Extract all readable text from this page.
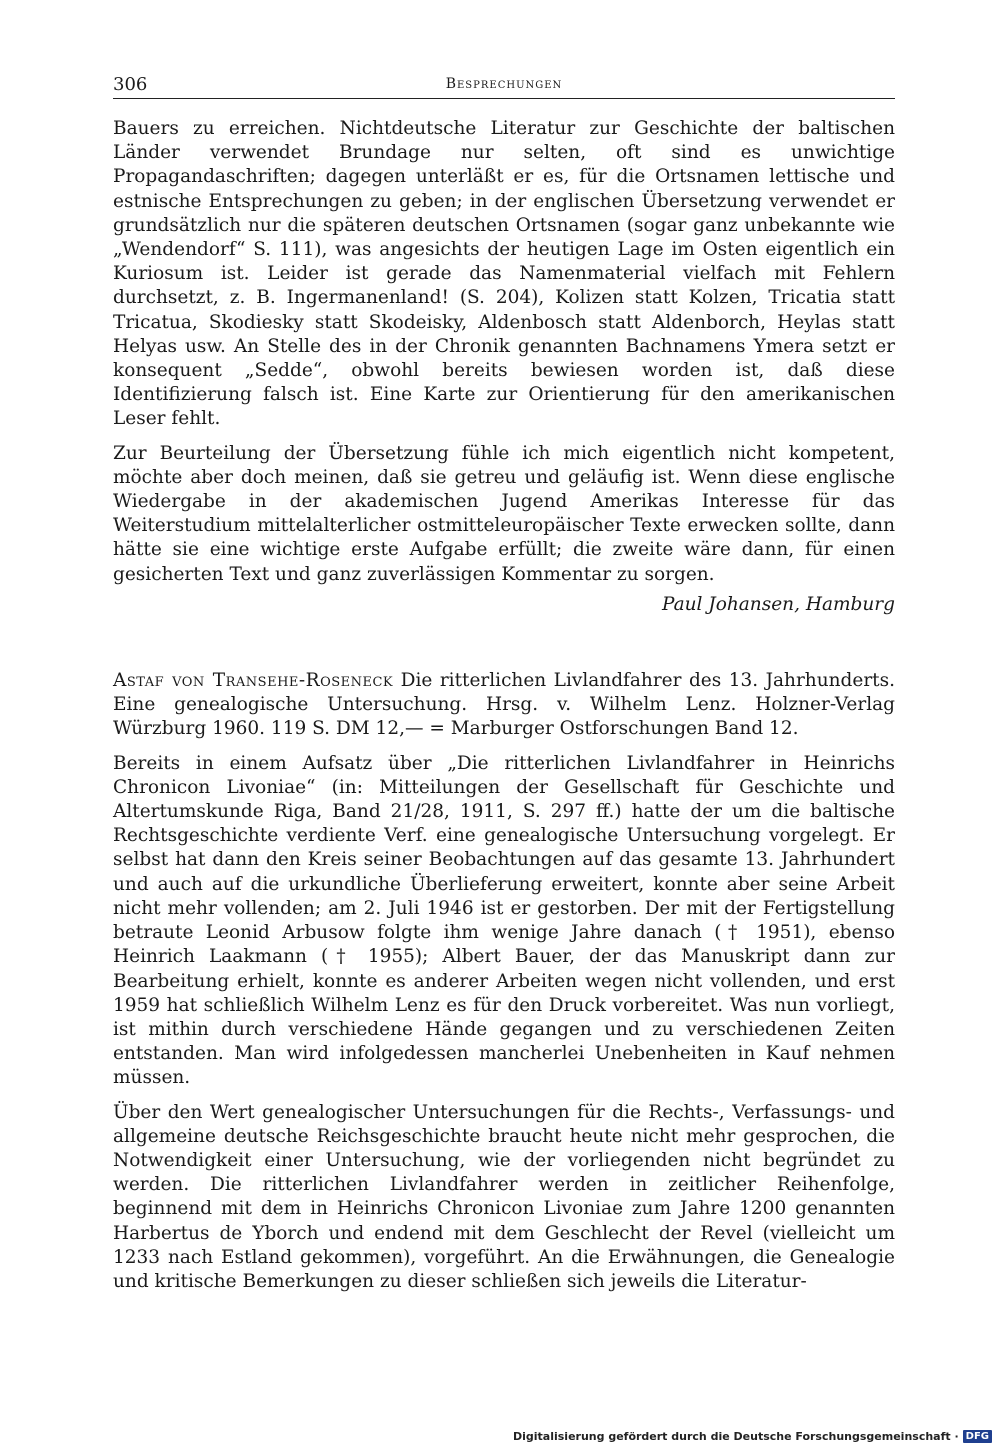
306	Besprechungen

Bauers zu erreichen. Nichtdeutsche Literatur zur Geschichte der baltischen Länder verwendet Brundage nur selten, oft sind es unwichtige Propagandaschriften; dagegen unterläßt er es, für die Ortsnamen lettische und estnische Entsprechungen zu geben; in der englischen Übersetzung verwendet er grundsätzlich nur die späteren deutschen Ortsnamen (sogar ganz unbekannte wie „Wendendorf“ S. 111), was angesichts der heutigen Lage im Osten eigentlich ein Kuriosum ist. Leider ist gerade das Namenmaterial vielfach mit Fehlern durchsetzt, z. B. Ingermanenland! (S. 204), Kolizen statt Kolzen, Tricatia statt Tricatua, Skodiesky statt Skodeisky, Aldenbosch statt Aldenborch, Heylas statt Helyas usw. An Stelle des in der Chronik genannten Bachnamens Ymera setzt er konsequent „Sedde“, obwohl bereits bewiesen worden ist, daß diese Identifizierung falsch ist. Eine Karte zur Orientierung für den amerikanischen Leser fehlt.

Zur Beurteilung der Übersetzung fühle ich mich eigentlich nicht kompetent, möchte aber doch meinen, daß sie getreu und geläufig ist. Wenn diese englische Wiedergabe in der akademischen Jugend Amerikas Interesse für das Weiterstudium mittelalterlicher ostmitteleuropäischer Texte erwecken sollte, dann hätte sie eine wichtige erste Aufgabe erfüllt; die zweite wäre dann, für einen gesicherten Text und ganz zuverlässigen Kommentar zu sorgen.

Paul Johansen, Hamburg

Astaf von Transehe-Roseneck Die ritterlichen Livlandfahrer des 13. Jahrhunderts. Eine genealogische Untersuchung. Hrsg. v. Wilhelm Lenz. Holzner-Verlag Würzburg 1960. 119 S. DM 12,— = Marburger Ostforschungen Band 12.

Bereits in einem Aufsatz über „Die ritterlichen Livlandfahrer in Heinrichs Chronicon Livoniae“ (in: Mitteilungen der Gesellschaft für Geschichte und Altertumskunde Riga, Band 21/28, 1911, S. 297 ff.) hatte der um die baltische Rechtsgeschichte verdiente Verf. eine genealogische Untersuchung vorgelegt. Er selbst hat dann den Kreis seiner Beobachtungen auf das gesamte 13. Jahrhundert und auch auf die urkundliche Überlieferung erweitert, konnte aber seine Arbeit nicht mehr vollenden; am 2. Juli 1946 ist er gestorben. Der mit der Fertigstellung betraute Leonid Arbusow folgte ihm wenige Jahre danach († 1951), ebenso Heinrich Laakmann († 1955); Albert Bauer, der das Manuskript dann zur Bearbeitung erhielt, konnte es anderer Arbeiten wegen nicht vollenden, und erst 1959 hat schließlich Wilhelm Lenz es für den Druck vorbereitet. Was nun vorliegt, ist mithin durch verschiedene Hände gegangen und zu verschiedenen Zeiten entstanden. Man wird infolgedessen mancherlei Unebenheiten in Kauf nehmen müssen.

Über den Wert genealogischer Untersuchungen für die Rechts-, Verfassungs- und allgemeine deutsche Reichsgeschichte braucht heute nicht mehr gesprochen, die Notwendigkeit einer Untersuchung, wie der vorliegenden nicht begründet zu werden. Die ritterlichen Livlandfahrer werden in zeitlicher Reihenfolge, beginnend mit dem in Heinrichs Chronicon Livoniae zum Jahre 1200 genannten Harbertus de Yborch und endend mit dem Geschlecht der Revel (vielleicht um 1233 nach Estland gekommen), vorgeführt. An die Erwähnungen, die Genealogie und kritische Bemerkungen zu dieser schließen sich jeweils die Literatur-

Digitalisierung gefördert durch die Deutsche Forschungsgemeinschaft · DFG
